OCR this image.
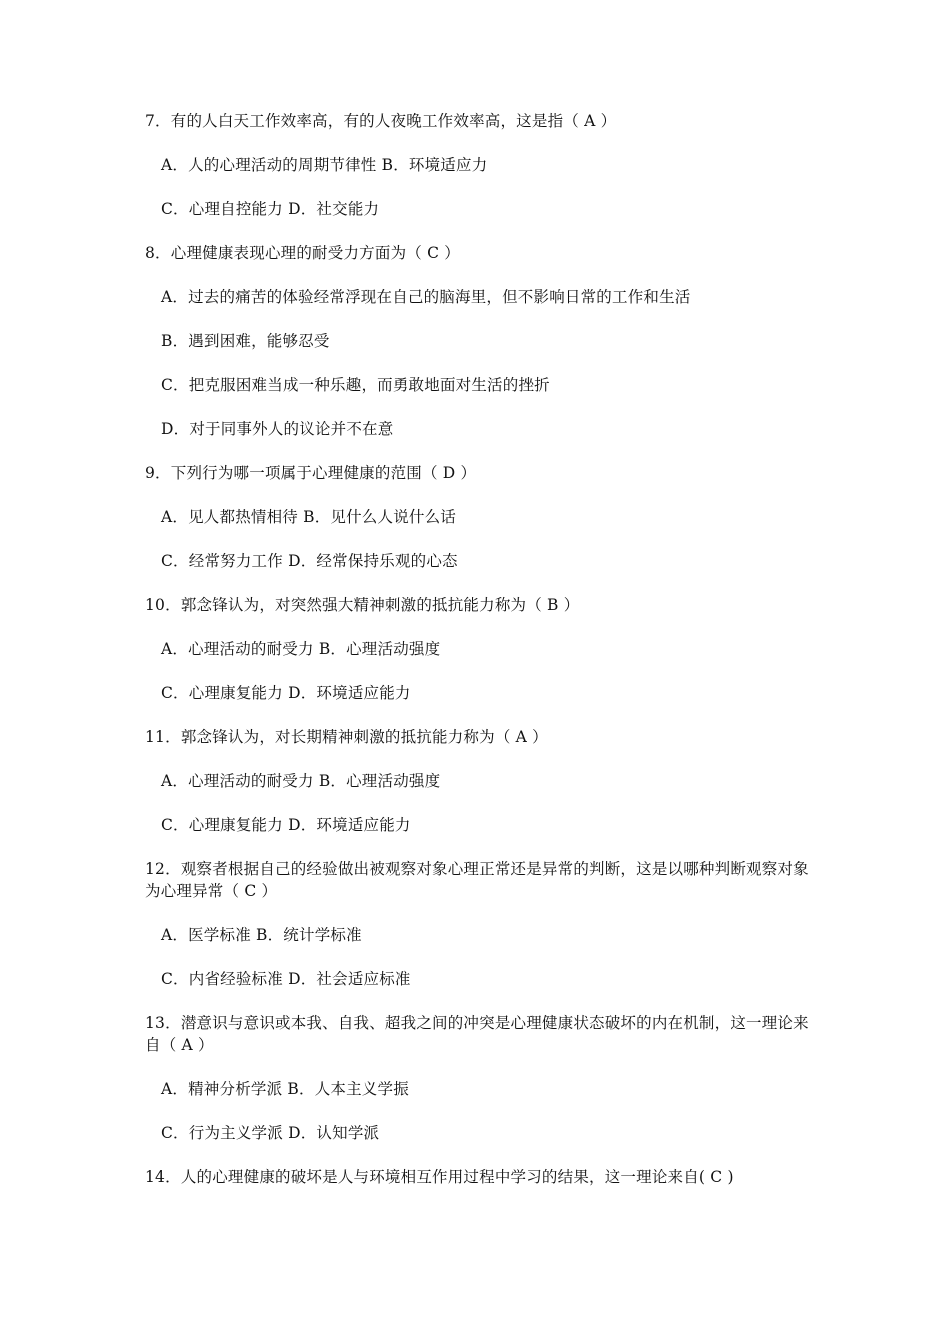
7．有的人白天工作效率高，有的人夜晚工作效率高，这是指（ A ）
A．人的心理活动的周期节律性 B．环境适应力
C．心理自控能力 D．社交能力
8．心理健康表现心理的耐受力方面为（ C ）
A．过去的痛苦的体验经常浮现在自己的脑海里，但不影响日常的工作和生活
B．遇到困难，能够忍受
C．把克服困难当成一种乐趣，而勇敢地面对生活的挫折
D．对于同事外人的议论并不在意
9．下列行为哪一项属于心理健康的范围（ D ）
A．见人都热情相待 B．见什么人说什么话
C．经常努力工作 D．经常保持乐观的心态
10．郭念锋认为，对突然强大精神刺激的抵抗能力称为（ B ）
A．心理活动的耐受力 B．心理活动强度
C．心理康复能力 D．环境适应能力
11．郭念锋认为，对长期精神刺激的抵抗能力称为（ A ）
A．心理活动的耐受力 B．心理活动强度
C．心理康复能力 D．环境适应能力
12．观察者根据自己的经验做出被观察对象心理正常还是异常的判断，这是以哪种判断观察对象为心理异常（ C ）
A．医学标准 B．统计学标准
C．内省经验标准 D．社会适应标准
13．潜意识与意识或本我、自我、超我之间的冲突是心理健康状态破坏的内在机制，这一理论来自（ A ）
A．精神分析学派 B．人本主义学振
C．行为主义学派 D．认知学派
14．人的心理健康的破坏是人与环境相互作用过程中学习的结果，这一理论来自( C )
